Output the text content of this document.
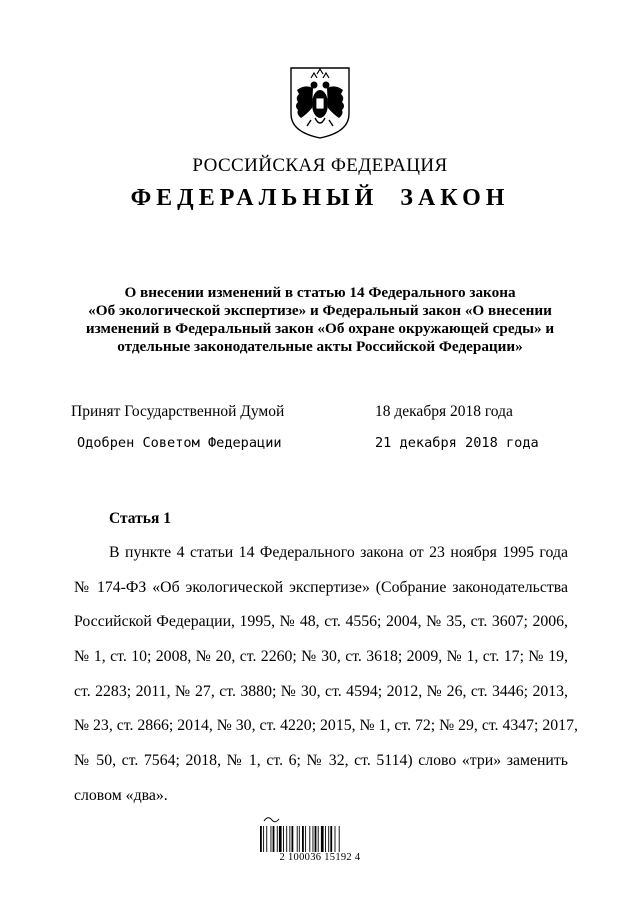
РОССИЙСКАЯ ФЕДЕРАЦИЯ
ФЕДЕРАЛЬНЫЙ ЗАКОН
О внесении изменений в статью 14 Федерального закона
«Об экологической экспертизе» и Федеральный закон «О внесении
изменений в Федеральный закон «Об охране окружающей среды» и
отдельные законодательные акты Российской Федерации»
Принят Государственной Думой	18 декабря 2018 года
Одобрен Советом Федерации	21 декабря 2018 года
Статья 1
В пункте 4 статьи 14 Федерального закона от 23 ноября 1995 года
№ 174-ФЗ «Об экологической экспертизе» (Собрание законодательства
Российской Федерации, 1995, № 48, ст. 4556; 2004, № 35, ст. 3607; 2006,
№ 1, ст. 10; 2008, № 20, ст. 2260; № 30, ст. 3618; 2009, № 1, ст. 17; № 19,
ст. 2283; 2011, № 27, ст. 3880; № 30, ст. 4594; 2012, № 26, ст. 3446; 2013,
№ 23, ст. 2866; 2014, № 30, ст. 4220; 2015, № 1, ст. 72; № 29, ст. 4347; 2017,
№ 50, ст. 7564; 2018, № 1, ст. 6; № 32, ст. 5114) слово «три» заменить
словом «два».
2 100036 15192 4
